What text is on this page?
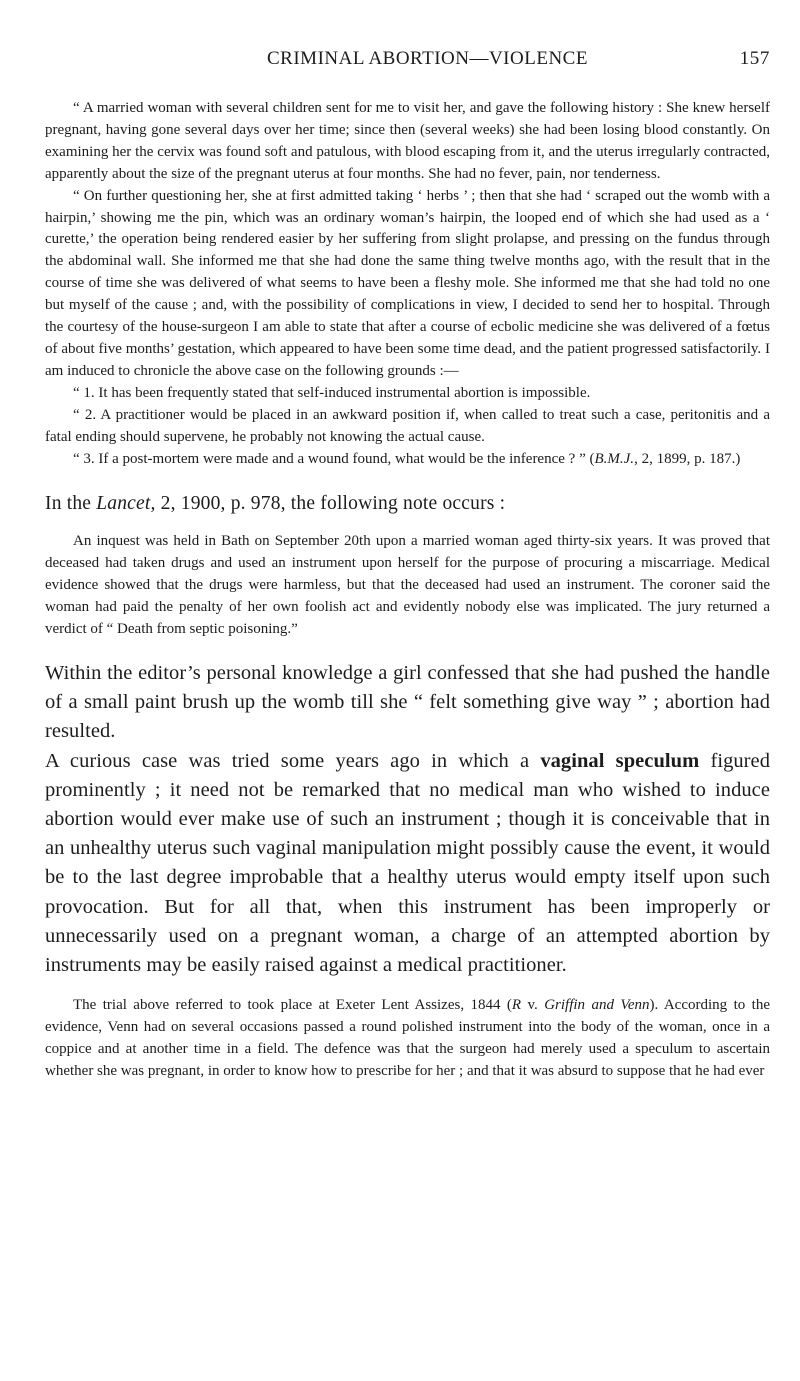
CRIMINAL ABORTION—VIOLENCE	157

“ A married woman with several children sent for me to visit her, and gave the following history : She knew herself pregnant, having gone several days over her time; since then (several weeks) she had been losing blood constantly. On examining her the cervix was found soft and patulous, with blood escaping from it, and the uterus irregularly contracted, apparently about the size of the pregnant uterus at four months. She had no fever, pain, nor tenderness.

“ On further questioning her, she at first admitted taking ‘ herbs ’ ; then that she had ‘ scraped out the womb with a hairpin,’ showing me the pin, which was an ordinary woman’s hairpin, the looped end of which she had used as a ‘ curette,’ the operation being rendered easier by her suffering from slight prolapse, and pressing on the fundus through the abdominal wall. She informed me that she had done the same thing twelve months ago, with the result that in the course of time she was delivered of what seems to have been a fleshy mole. She informed me that she had told no one but myself of the cause ; and, with the possibility of complications in view, I decided to send her to hospital. Through the courtesy of the house-surgeon I am able to state that after a course of ecbolic medicine she was delivered of a fœtus of about five months’ gestation, which appeared to have been some time dead, and the patient progressed satisfactorily. I am induced to chronicle the above case on the following grounds :—

“ 1. It has been frequently stated that self-induced instrumental abortion is impossible.

“ 2. A practitioner would be placed in an awkward position if, when called to treat such a case, peritonitis and a fatal ending should supervene, he probably not knowing the actual cause.

“ 3. If a post-mortem were made and a wound found, what would be the inference ? ” (B.M.J., 2, 1899, p. 187.)

In the Lancet, 2, 1900, p. 978, the following note occurs :

An inquest was held in Bath on September 20th upon a married woman aged thirty-six years. It was proved that deceased had taken drugs and used an instrument upon herself for the purpose of procuring a miscarriage. Medical evidence showed that the drugs were harmless, but that the deceased had used an instrument. The coroner said the woman had paid the penalty of her own foolish act and evidently nobody else was implicated. The jury returned a verdict of “ Death from septic poisoning.”

Within the editor’s personal knowledge a girl confessed that she had pushed the handle of a small paint brush up the womb till she “ felt something give way ” ; abortion had resulted.

A curious case was tried some years ago in which a vaginal speculum figured prominently ; it need not be remarked that no medical man who wished to induce abortion would ever make use of such an instrument ; though it is conceivable that in an unhealthy uterus such vaginal manipulation might possibly cause the event, it would be to the last degree improbable that a healthy uterus would empty itself upon such provocation. But for all that, when this instrument has been improperly or unnecessarily used on a pregnant woman, a charge of an attempted abortion by instruments may be easily raised against a medical practitioner.

The trial above referred to took place at Exeter Lent Assizes, 1844 (R v. Griffin and Venn). According to the evidence, Venn had on several occasions passed a round polished instrument into the body of the woman, once in a coppice and at another time in a field. The defence was that the surgeon had merely used a speculum to ascertain whether she was pregnant, in order to know how to prescribe for her ; and that it was absurd to suppose that he had ever
